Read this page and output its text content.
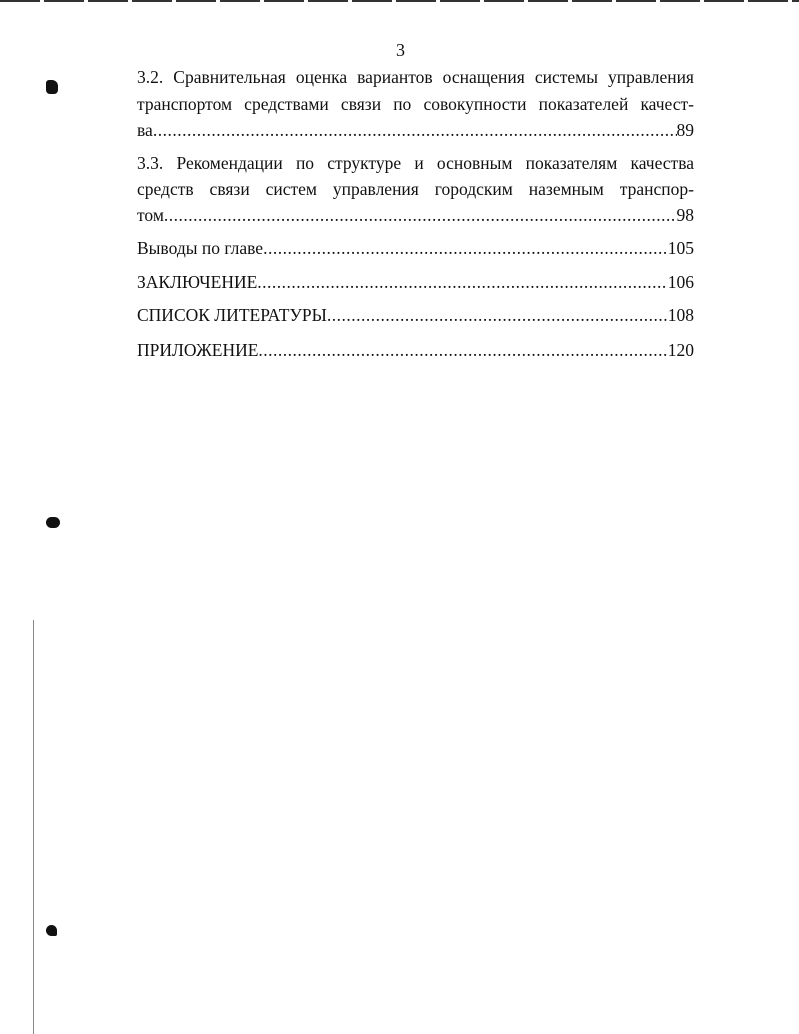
3
3.2. Сравнительная оценка вариантов оснащения системы управления
транспортом средствами связи по совокупности показателей качест-
ва .....	89
3.3. Рекомендации по структуре и основным показателям качества
средств связи систем управления городским наземным транспор-
том .....	98
Выводы по главе .....	105
ЗАКЛЮЧЕНИЕ .....	106
СПИСОК ЛИТЕРАТУРЫ .....	108
ПРИЛОЖЕНИЕ .....	120
